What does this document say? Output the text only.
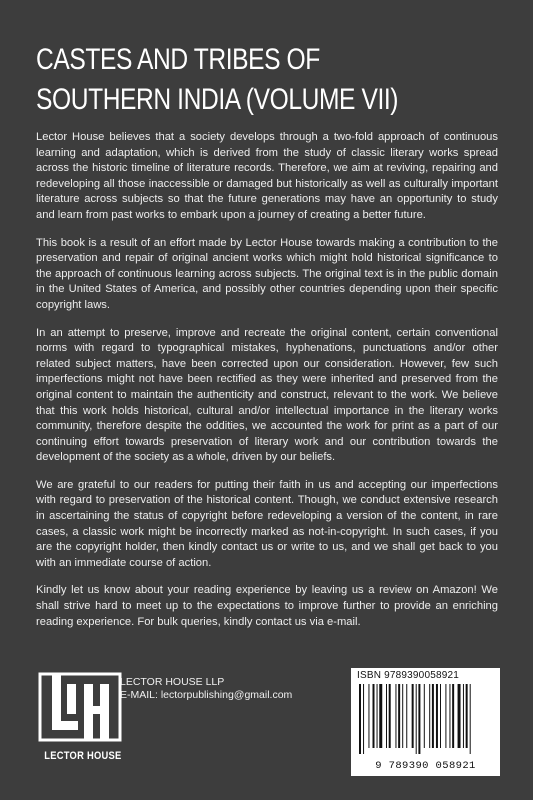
CASTES AND TRIBES OF
SOUTHERN INDIA (VOLUME VII)

Lector House believes that a society develops through a two-fold approach of continuous learning and adaptation, which is derived from the study of classic literary works spread across the historic timeline of literature records. Therefore, we aim at reviving, repairing and redeveloping all those inaccessible or damaged but historically as well as culturally important literature across subjects so that the future generations may have an opportunity to study and learn from past works to embark upon a journey of creating a better future.

This book is a result of an effort made by Lector House towards making a contribution to the preservation and repair of original ancient works which might hold historical significance to the approach of continuous learning across subjects. The original text is in the public domain in the United States of America, and possibly other countries depending upon their specific copyright laws.

In an attempt to preserve, improve and recreate the original content, certain conventional norms with regard to typographical mistakes, hyphenations, punctuations and/or other related subject matters, have been corrected upon our consideration. However, few such imperfections might not have been rectified as they were inherited and preserved from the original content to maintain the authenticity and construct, relevant to the work. We believe that this work holds historical, cultural and/or intellectual importance in the literary works community, therefore despite the oddities, we accounted the work for print as a part of our continuing effort towards preservation of literary work and our contribution towards the development of the society as a whole, driven by our beliefs.

We are grateful to our readers for putting their faith in us and accepting our imperfections with regard to preservation of the historical content. Though, we conduct extensive research in ascertaining the status of copyright before redeveloping a version of the content, in rare cases, a classic work might be incorrectly marked as not-in-copyright. In such cases, if you are the copyright holder, then kindly contact us or write to us, and we shall get back to you with an immediate course of action.

Kindly let us know about your reading experience by leaving us a review on Amazon! We shall strive hard to meet up to the expectations to improve further to provide an enriching reading experience. For bulk queries, kindly contact us via e-mail.

LECTOR HOUSE
LECTOR HOUSE LLP
E-MAIL: lectorpublishing@gmail.com
ISBN 9789390058921
9 789390 058921
